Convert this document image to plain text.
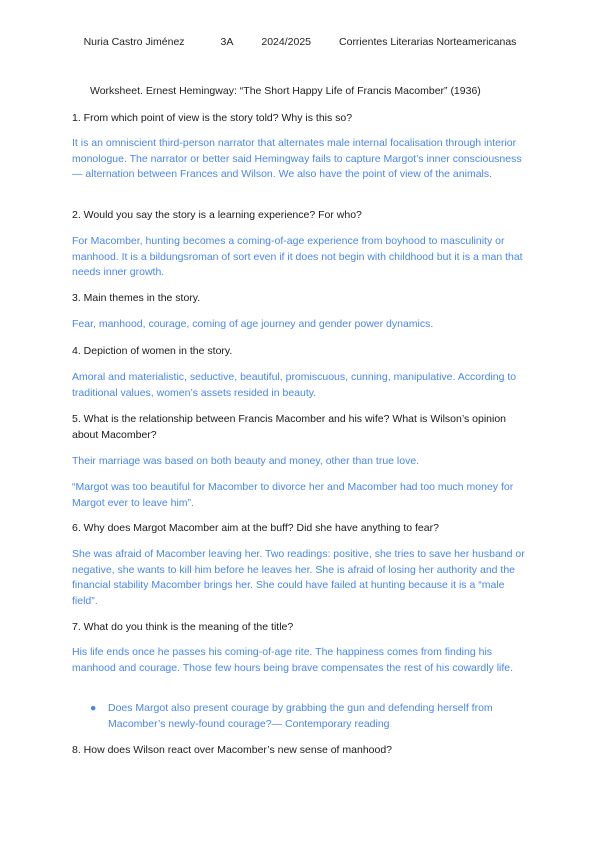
Nuria Castro Jiménez	3A	2024/2025	Corrientes Literarias Norteamericanas
Worksheet. Ernest Hemingway: “The Short Happy Life of Francis Macomber” (1936)
1. From which point of view is the story told? Why is this so?
It is an omniscient third-person narrator that alternates male internal focalisation through interior monologue. The narrator or better said Hemingway fails to capture Margot’s inner consciousness— alternation between Frances and Wilson. We also have the point of view of the animals.
2. Would you say the story is a learning experience? For who?
For Macomber, hunting becomes a coming-of-age experience from boyhood to masculinity or manhood. It is a bildungsroman of sort even if it does not begin with childhood but it is a man that needs inner growth.
3. Main themes in the story.
Fear, manhood, courage, coming of age journey and gender power dynamics.
4. Depiction of women in the story.
Amoral and materialistic, seductive, beautiful, promiscuous, cunning, manipulative. According to traditional values, women’s assets resided in beauty.
5. What is the relationship between Francis Macomber and his wife? What is Wilson’s opinion about Macomber?
Their marriage was based on both beauty and money, other than true love.
“Margot was too beautiful for Macomber to divorce her and Macomber had too much money for Margot ever to leave him”.
6. Why does Margot Macomber aim at the buff? Did she have anything to fear?
She was afraid of Macomber leaving her. Two readings: positive, she tries to save her husband or negative, she wants to kill him before he leaves her. She is afraid of losing her authority and the financial stability Macomber brings her. She could have failed at hunting because it is a “male field”.
7. What do you think is the meaning of the title?
His life ends once he passes his coming-of-age rite. The happiness comes from finding his manhood and courage. Those few hours being brave compensates the rest of his cowardly life.
●	Does Margot also present courage by grabbing the gun and defending herself from Macomber’s newly-found courage?— Contemporary reading
8. How does Wilson react over Macomber’s new sense of manhood?
